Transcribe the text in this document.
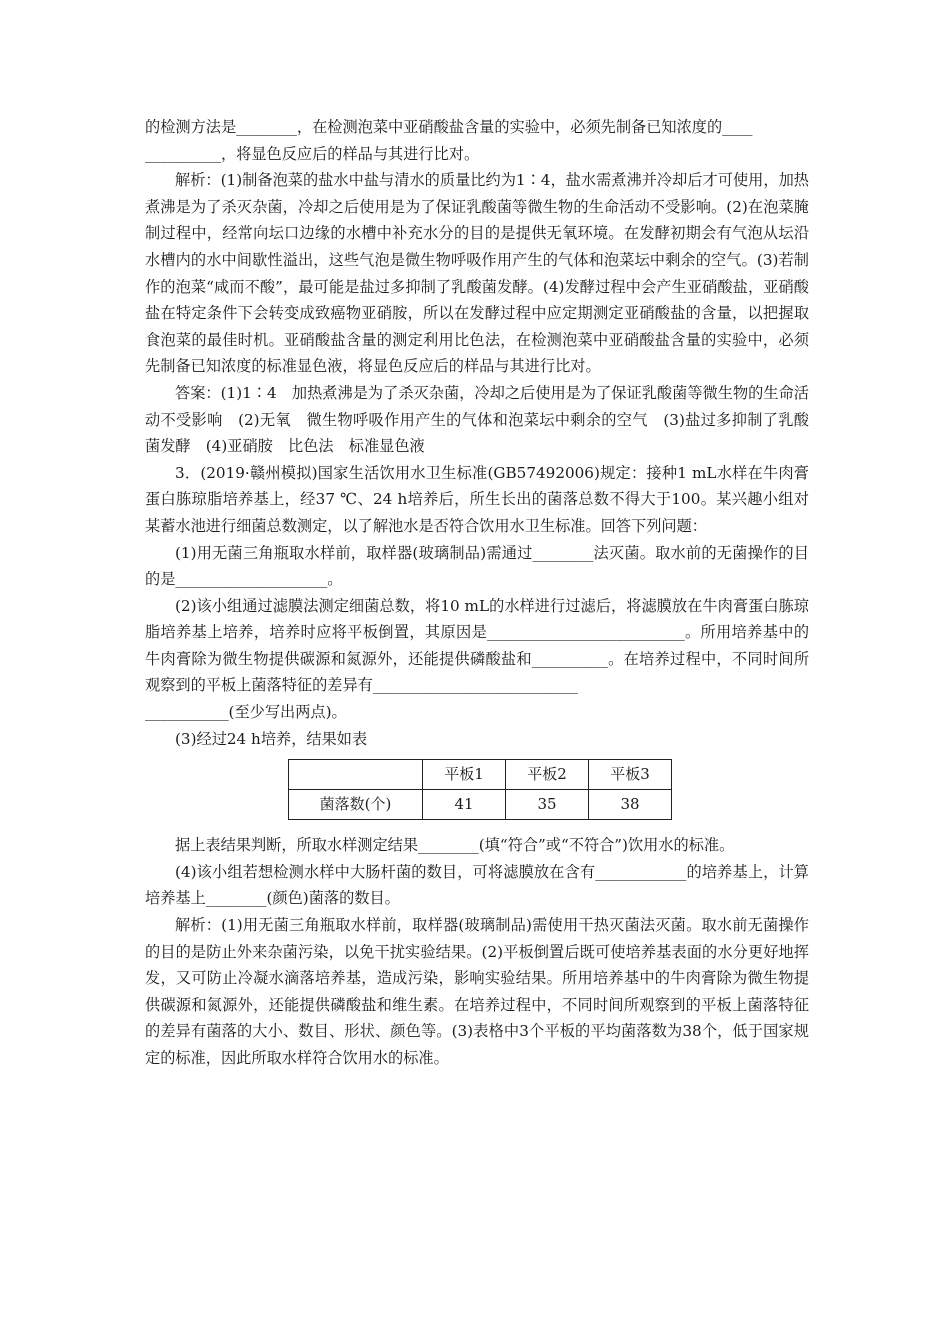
的检测方法是________，在检测泡菜中亚硝酸盐含量的实验中，必须先制备已知浓度的____
__________，将显色反应后的样品与其进行比对。

解析：(1)制备泡菜的盐水中盐与清水的质量比约为1∶4，盐水需煮沸并冷却后才可使用，加热煮沸是为了杀灭杂菌，冷却之后使用是为了保证乳酸菌等微生物的生命活动不受影响。(2)在泡菜腌制过程中，经常向坛口边缘的水槽中补充水分的目的是提供无氧环境。在发酵初期会有气泡从坛沿水槽内的水中间歇性溢出，这些气泡是微生物呼吸作用产生的气体和泡菜坛中剩余的空气。(3)若制作的泡菜“咸而不酸”，最可能是盐过多抑制了乳酸菌发酵。(4)发酵过程中会产生亚硝酸盐，亚硝酸盐在特定条件下会转变成致癌物亚硝胺，所以在发酵过程中应定期测定亚硝酸盐的含量，以把握取食泡菜的最佳时机。亚硝酸盐含量的测定利用比色法，在检测泡菜中亚硝酸盐含量的实验中，必须先制备已知浓度的标准显色液，将显色反应后的样品与其进行比对。

答案：(1)1∶4　加热煮沸是为了杀灭杂菌，冷却之后使用是为了保证乳酸菌等微生物的生命活动不受影响　(2)无氧　微生物呼吸作用产生的气体和泡菜坛中剩余的空气　(3)盐过多抑制了乳酸菌发酵　(4)亚硝胺　比色法　标准显色液

3．(2019·赣州模拟)国家生活饮用水卫生标准(GB57492006)规定：接种1 mL水样在牛肉膏蛋白胨琼脂培养基上，经37 ℃、24 h培养后，所生长出的菌落总数不得大于100。某兴趣小组对某蓄水池进行细菌总数测定，以了解池水是否符合饮用水卫生标准。回答下列问题：

(1)用无菌三角瓶取水样前，取样器(玻璃制品)需通过________法灭菌。取水前的无菌操作的目的是____________________。

(2)该小组通过滤膜法测定细菌总数，将10 mL的水样进行过滤后，将滤膜放在牛肉膏蛋白胨琼脂培养基上培养，培养时应将平板倒置，其原因是__________________________。所用培养基中的牛肉膏除为微生物提供碳源和氮源外，还能提供磷酸盐和__________。在培养过程中，不同时间所观察到的平板上菌落特征的差异有___________________________
___________(至少写出两点)。

(3)经过24 h培养，结果如表

	平板1	平板2	平板3
菌落数(个)	41	35	38

据上表结果判断，所取水样测定结果________(填“符合”或“不符合”)饮用水的标准。

(4)该小组若想检测水样中大肠杆菌的数目，可将滤膜放在含有____________的培养基上，计算培养基上________(颜色)菌落的数目。

解析：(1)用无菌三角瓶取水样前，取样器(玻璃制品)需使用干热灭菌法灭菌。取水前无菌操作的目的是防止外来杂菌污染，以免干扰实验结果。(2)平板倒置后既可使培养基表面的水分更好地挥发，又可防止冷凝水滴落培养基，造成污染，影响实验结果。所用培养基中的牛肉膏除为微生物提供碳源和氮源外，还能提供磷酸盐和维生素。在培养过程中，不同时间所观察到的平板上菌落特征的差异有菌落的大小、数目、形状、颜色等。(3)表格中3个平板的平均菌落数为38个，低于国家规定的标准，因此所取水样符合饮用水的标准。
